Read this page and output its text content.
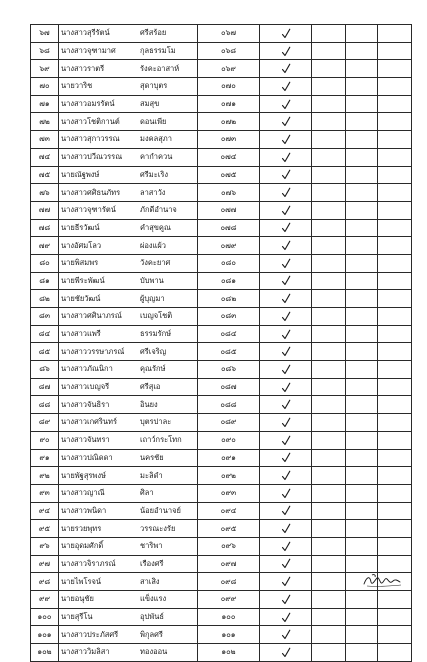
๖๗	นางสาวสุรีรัตน์	ศรีสร้อย	๐๖๗				
๖๘	นางสาวจุฑามาศ	กุลธรรมโม	๐๖๘				
๖๙	นางสาวราตรี	รังคะอาสาห์	๐๖๙				
๗๐	นายวาริช	สุดาบุตร	๐๗๐				
๗๑	นางสาวอมรรัตน์	สมสุข	๐๗๑				
๗๒	นางสาวโชติกานต์	ดอนเพีย	๐๗๒				
๗๓	นางสาวสุกาวรรณ	มงคลสุภา	๐๗๓				
๗๔	นางสาวปวีณวรรณ	คากำควน	๐๗๔				
๗๕	นายณัฐพงษ์	ศรีมะเริง	๐๗๕				
๗๖	นางสาวศศิธนภัทร	ลาสาวัง	๐๗๖				
๗๗	นางสาวจุฑารัตน์	ภักดีอำนาจ	๐๗๗				
๗๘	นายธีรวัฒน์	คำสุขคูณ	๐๗๘				
๗๙	นางอัศมโลว	ผ่องแผ้ว	๐๗๙				
๘๐	นายพิสมพร	วังคะยาศ	๐๘๐				
๘๑	นายพีระพัฒน์	บับพาน	๐๘๑				
๘๒	นายชัยวัฒน์	ผู้บุญมา	๐๘๒				
๘๓	นางสาวศศินาภรณ์	เบญจโชติ	๐๘๓				
๘๔	นางสาวแพรี	ธรรมรักษ์	๐๘๔				
๘๕	นางสาววรรษาภรณ์	ศรีเจริญ	๐๘๕				
๘๖	นางสาวภัณนิกา	คุณรักษ์	๐๘๖				
๘๗	นางสาวเบญจรี	ศรีสุเอ	๐๘๗				
๘๘	นางสาวจันธิรา	อินยง	๐๘๘				
๘๙	นางสาวเกศรินทร์	บุตรปาละ	๐๘๙				
๙๐	นางสาวจันทรา	เถาว์กระโทก	๐๙๐				
๙๑	นางสาวปณิดดา	นครชัย	๐๙๑				
๙๒	นายพัฐสุรพงษ์	มะลิดำ	๐๙๒				
๙๓	นางสาวญาณี	ศิลา	๐๙๓				
๙๔	นางสาวพนิดา	น้อยอำนาจย์	๐๙๔				
๙๕	นายรวยพุทร	วรรณะงรัย	๐๙๕				
๙๖	นายอุดมศักดิ์	ชาริพา	๐๙๖				
๙๗	นางสาวจิราภรณ์	เรืองศรี	๐๙๗				
๙๘	นายไพโรจน์	สาเสิง	๐๙๘				
๙๙	นายอนุชัย	แข็งแรง	๐๙๙				
๑๐๐	นายสุรีโน	อุปพันธ์	๑๐๐				
๑๐๑	นางสาวประภัสศรี	พิกุลศรี	๑๐๑				
๑๐๒	นางสาววิมลิสา	ทองออน	๑๐๒				
